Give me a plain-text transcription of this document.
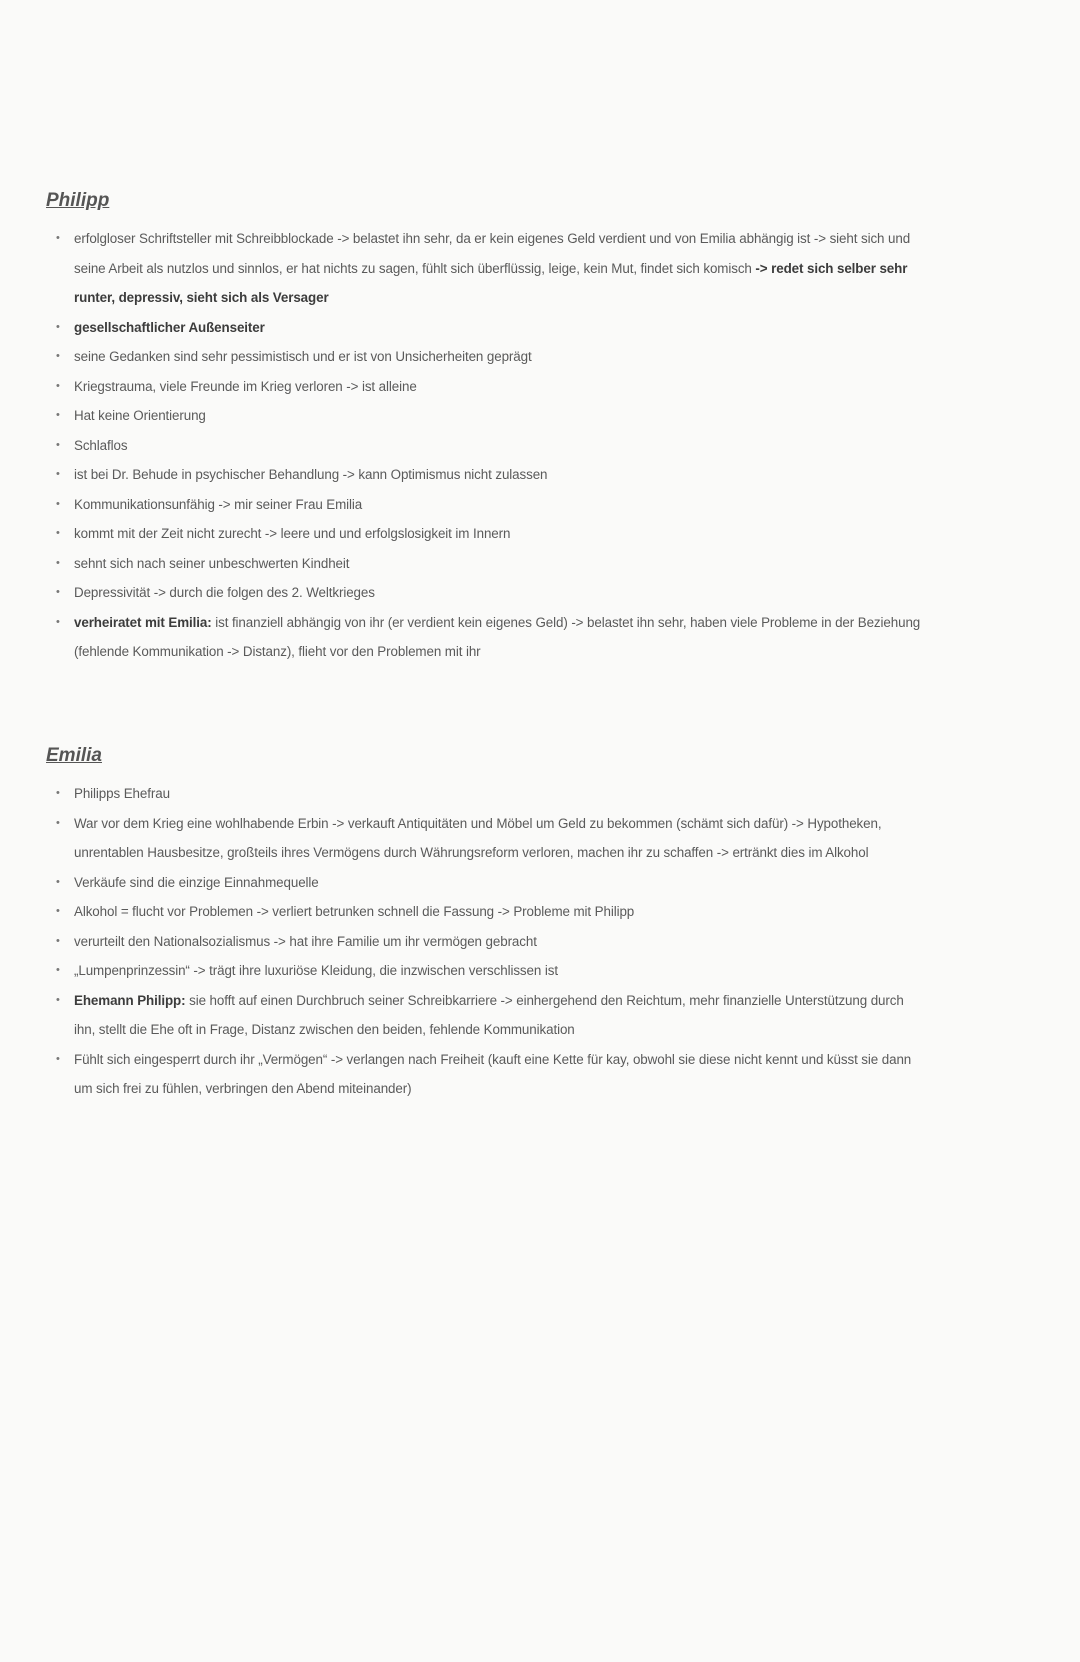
Philipp
• erfolgloser Schriftsteller mit Schreibblockade -> belastet ihn sehr, da er kein eigenes Geld verdient und von Emilia abhängig ist -> sieht sich und seine Arbeit als nutzlos und sinnlos, er hat nichts zu sagen, fühlt sich überflüssig, leige, kein Mut, findet sich komisch -> redet sich selber sehr runter, depressiv, sieht sich als Versager
• gesellschaftlicher Außenseiter
• seine Gedanken sind sehr pessimistisch und er ist von Unsicherheiten geprägt
• Kriegstrauma, viele Freunde im Krieg verloren -> ist alleine
• Hat keine Orientierung
• Schlaflos
• ist bei Dr. Behude in psychischer Behandlung -> kann Optimismus nicht zulassen
• Kommunikationsunfähig -> mir seiner Frau Emilia
• kommt mit der Zeit nicht zurecht -> leere und und erfolgslosigkeit im Innern
• sehnt sich nach seiner unbeschwerten Kindheit
• Depressivität -> durch die folgen des 2. Weltkrieges
• verheiratet mit Emilia: ist finanziell abhängig von ihr (er verdient kein eigenes Geld) -> belastet ihn sehr, haben viele Probleme in der Beziehung (fehlende Kommunikation -> Distanz), flieht vor den Problemen mit ihr
Emilia
• Philipps Ehefrau
• War vor dem Krieg eine wohlhabende Erbin -> verkauft Antiquitäten und Möbel um Geld zu bekommen (schämt sich dafür) -> Hypotheken, unrentablen Hausbesitze, großteils ihres Vermögens durch Währungsreform verloren, machen ihr zu schaffen -> ertränkt dies im Alkohol
• Verkäufe sind die einzige Einnahmequelle
• Alkohol = flucht vor Problemen -> verliert betrunken schnell die Fassung -> Probleme mit Philipp
• verurteilt den Nationalsozialismus -> hat ihre Familie um ihr vermögen gebracht
• „Lumpenprinzessin“ -> trägt ihre luxuriöse Kleidung, die inzwischen verschlissen ist
• Ehemann Philipp: sie hofft auf einen Durchbruch seiner Schreibkarriere -> einhergehend den Reichtum, mehr finanzielle Unterstützung durch ihn, stellt die Ehe oft in Frage, Distanz zwischen den beiden, fehlende Kommunikation
• Fühlt sich eingesperrt durch ihr „Vermögen“ -> verlangen nach Freiheit (kauft eine Kette für kay, obwohl sie diese nicht kennt und küsst sie dann um sich frei zu fühlen, verbringen den Abend miteinander)
